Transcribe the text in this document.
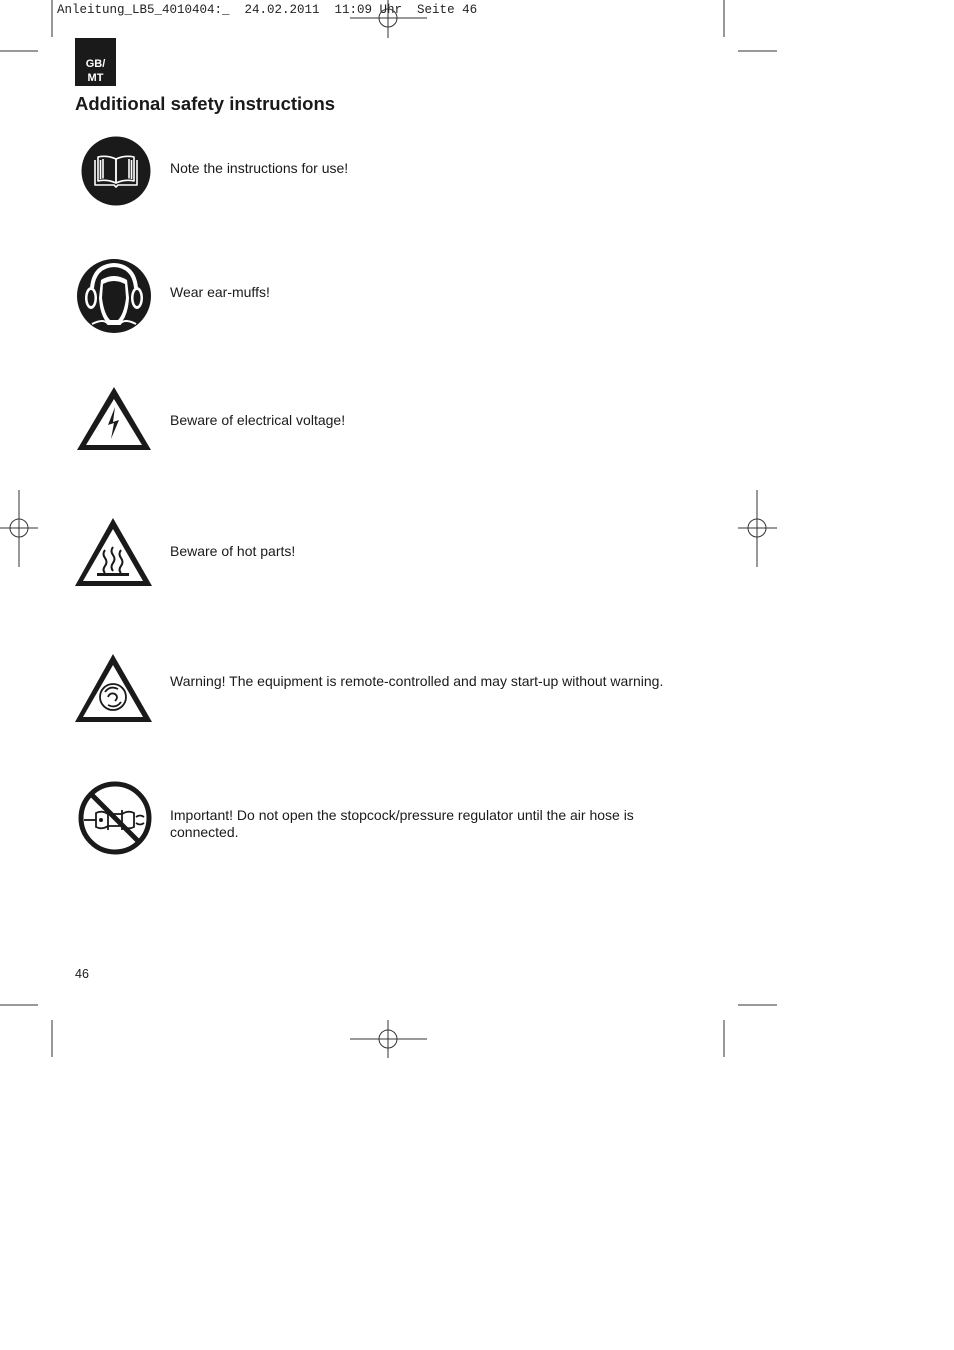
Anleitung_LB5_4010404:_  24.02.2011  11:09 Uhr  Seite 46
GB/
MT
Additional safety instructions
Note the instructions for use!
Wear ear-muffs!
Beware of electrical voltage!
Beware of hot parts!
Warning! The equipment is remote-controlled and may start-up without warning.
Important! Do not open the stopcock/pressure regulator until the air hose is connected.
46
